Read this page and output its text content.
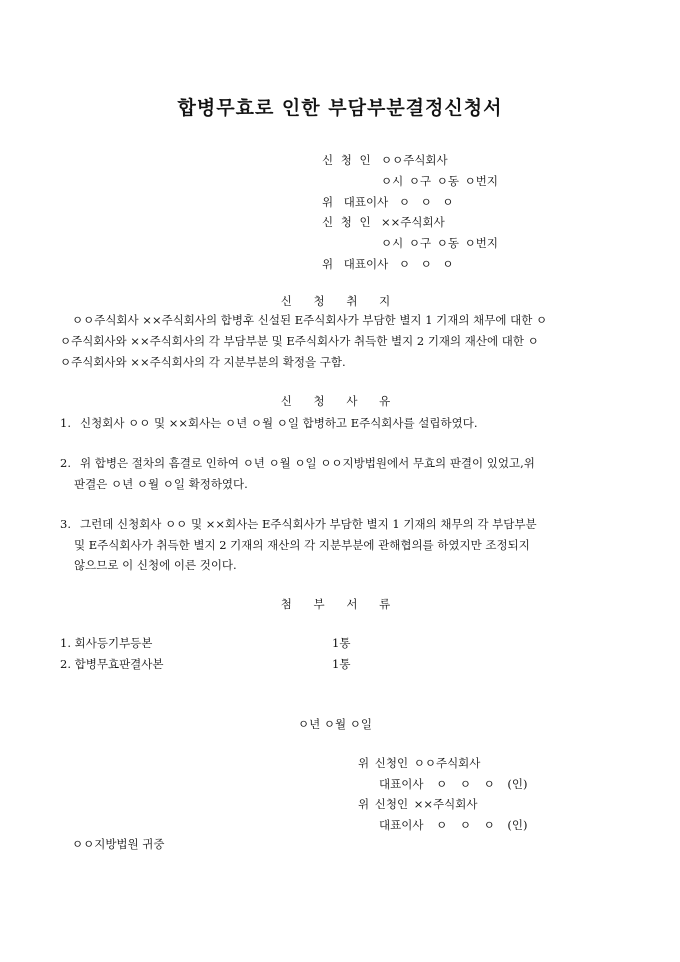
합병무효로 인한 부담부분결정신청서
신 청 인 ㅇㅇ주식회사
ㅇ시 ㅇ구 ㅇ동 ㅇ번지
위 대표이사 ㅇ ㅇ ㅇ
신 청 인 ××주식회사
ㅇ시 ㅇ구 ㅇ동 ㅇ번지
위 대표이사 ㅇ ㅇ ㅇ
신 청 취 지
ㅇㅇ주식회사 ××주식회사의 합병후 신설된 E주식회사가 부담한 별지 1 기재의 채무에 대한 ㅇ
ㅇ주식회사와 ××주식회사의 각 부담부분 및 E주식회사가 취득한 별지 2 기재의 재산에 대한 ㅇ
ㅇ주식회사와 ××주식회사의 각 지분부분의 확정을 구함.
신 청 사 유
1. 신청회사 ㅇㅇ 및 ××회사는 ㅇ년 ㅇ월 ㅇ일 합병하고 E주식회사를 설립하였다.
2. 위 합병은 절차의 흠결로 인하여 ㅇ년 ㅇ월 ㅇ일 ㅇㅇ지방법원에서 무효의 판결이 있었고,위
판결은 ㅇ년 ㅇ월 ㅇ일 확정하였다.
3. 그런데 신청회사 ㅇㅇ 및 ××회사는 E주식회사가 부담한 별지 1 기재의 채무의 각 부담부분
및 E주식회사가 취득한 별지 2 기재의 재산의 각 지분부분에 관해협의를 하였지만 조정되지
않으므로 이 신청에 이른 것이다.
첨 부 서 류
1. 회사등기부등본	1통
2. 합병무효판결사본	1통
ㅇ년 ㅇ월 ㅇ일
위 신청인 ㅇㅇ주식회사
대표이사 ㅇ ㅇ ㅇ (인)
위 신청인 ××주식회사
대표이사 ㅇ ㅇ ㅇ (인)
ㅇㅇ지방법원 귀중
